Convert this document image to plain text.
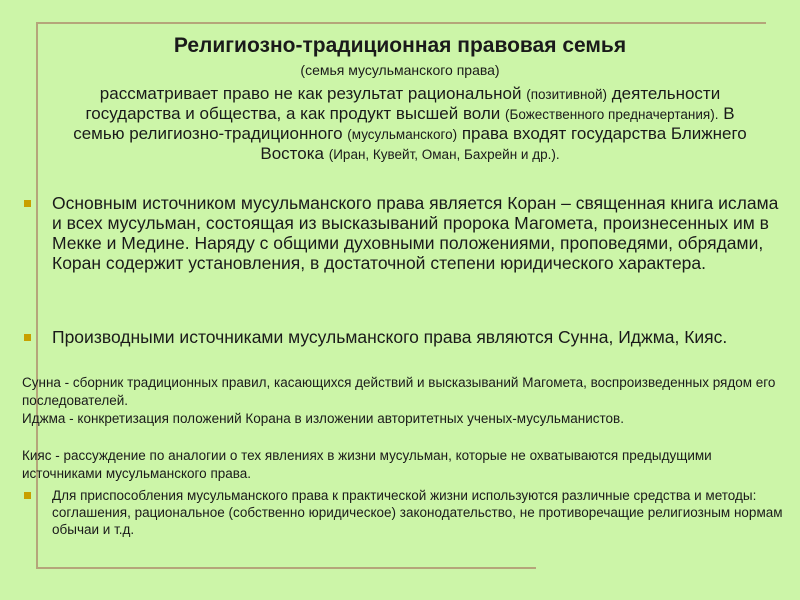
Религиозно-традиционная правовая семья
(семья мусульманского права)
рассматривает право не как результат рациональной (позитивной) деятельности государства и общества, а как продукт высшей воли (Божественного предначертания). В семью религиозно-традиционного (мусульманского) права входят государства Ближнего Востока (Иран, Кувейт, Оман, Бахрейн и др.).
Основным источником мусульманского права является Коран – священная книга ислама и всех мусульман, состоящая из высказываний пророка Магомета, произнесенных им в Мекке и Медине. Наряду с общими духовными положениями, проповедями, обрядами, Коран содержит установления, в достаточной степени юридического характера.
Производными источниками мусульманского права являются Сунна, Иджма, Кияс.
Сунна - сборник традиционных правил, касающихся действий и высказываний Магомета, воспроизведенных рядом его последователей.
Иджма - конкретизация положений Корана в изложении авторитетных ученых-мусульманистов.
Кияс - рассуждение по аналогии о тех явлениях в жизни мусульман, которые не охватываются предыдущими источниками мусульманского права.
Для приспособления мусульманского права к практической жизни используются различные средства и методы: соглашения, рациональное (собственно юридическое) законодательство, не противоречащие религиозным нормам обычаи и т.д.
